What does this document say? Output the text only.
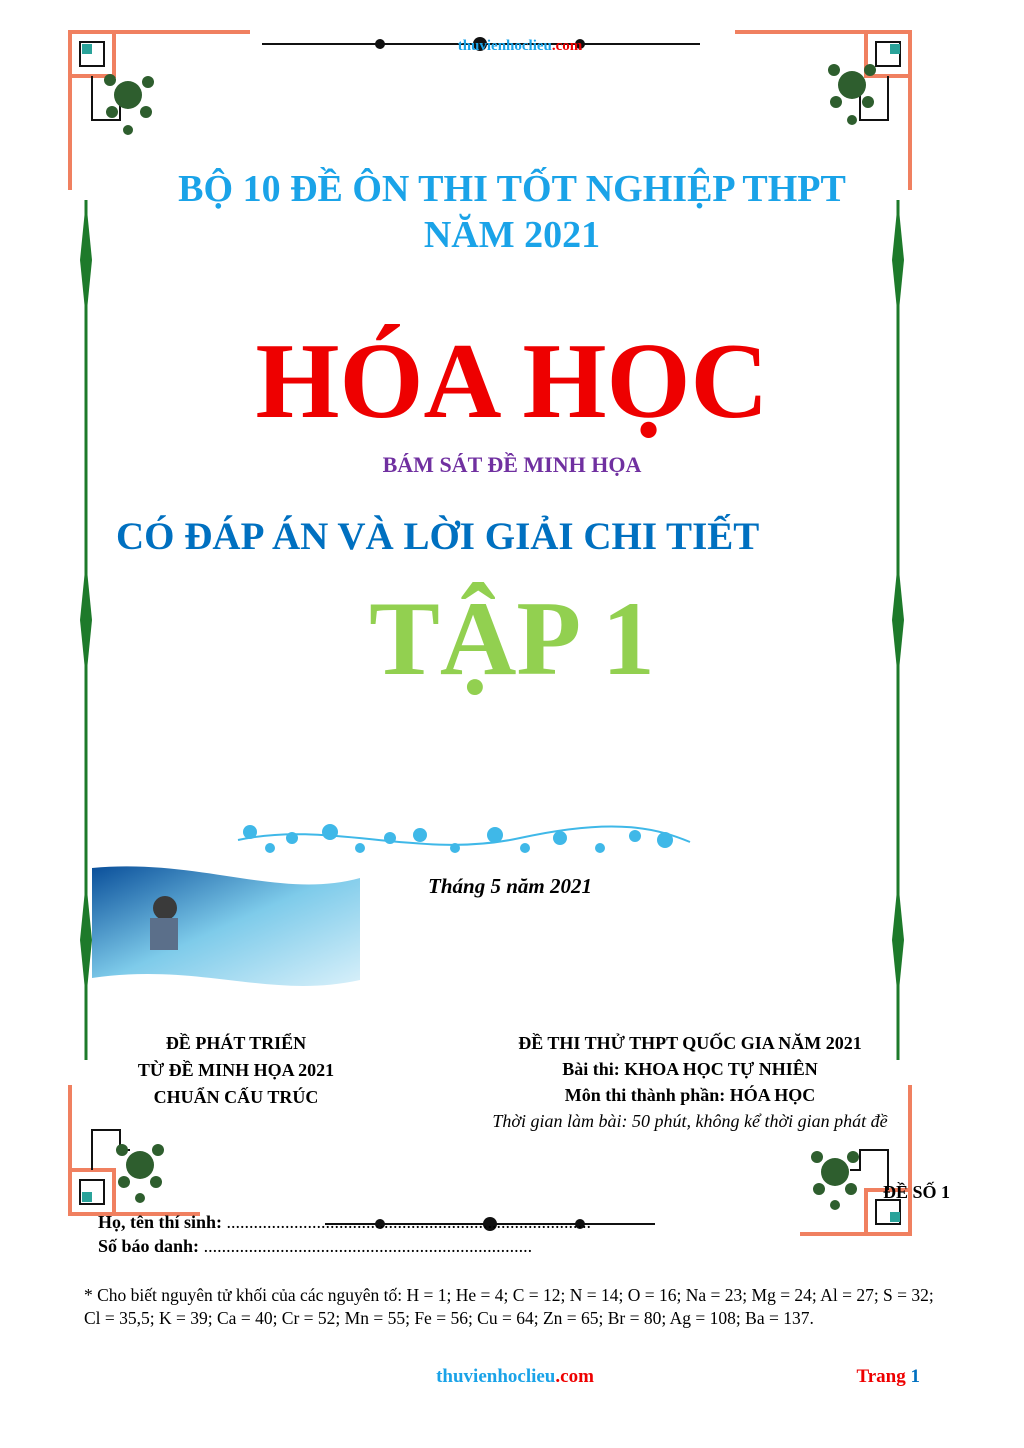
thuvienhoclieu.com
BỘ 10 ĐỀ ÔN THI TỐT NGHIỆP THPT
NĂM 2021
HÓA HỌC
BÁM SÁT ĐỀ MINH HỌA
CÓ ĐÁP ÁN VÀ LỜI GIẢI CHI TIẾT
TẬP 1
Tháng 5 năm 2021
ĐỀ PHÁT TRIỂN
TỪ ĐỀ MINH HỌA 2021
CHUẨN CẤU TRÚC
ĐỀ THI THỬ THPT QUỐC GIA NĂM 2021
Bài thi: KHOA HỌC TỰ NHIÊN
Môn thi thành phần: HÓA HỌC
Thời gian làm bài: 50 phút, không kể thời gian phát đề
ĐỀ SỐ 1
Họ, tên thí sinh: .................................................................................
Số báo danh: .........................................................................
* Cho biết nguyên tử khối của các nguyên tố: H = 1; He = 4; C = 12; N = 14; O = 16; Na = 23; Mg = 24; Al = 27; S = 32; Cl = 35,5; K = 39; Ca = 40; Cr = 52; Mn = 55; Fe = 56; Cu = 64; Zn = 65; Br = 80; Ag = 108; Ba = 137.
thuvienhoclieu.com	Trang 1
